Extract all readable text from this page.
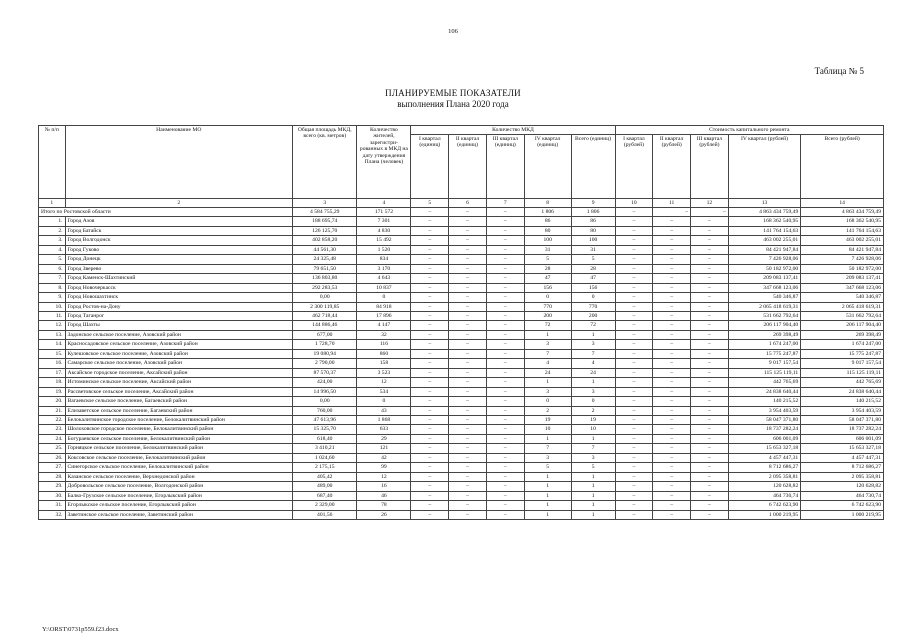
106
Таблица № 5
ПЛАНИРУЕМЫЕ ПОКАЗАТЕЛИ
выполнения Плана 2020 года
№ п/п	Наименование МО	Общая площадь МКД, всего (кв. метров)	Количество жителей, зарегистри-рованных в МКД на дату утверждения Плана (человек)	Количество МКД					Стоимость капитального ремонта				
				I квартал (единиц)	II квартал (единиц)	III квартал (единиц)	IV квартал (единиц)	Всего (единиц)	I квартал (рублей)	II квартал (рублей)	III квартал (рублей)	IV квартал (рублей)	Всего (рублей)
1	2	3	4	5	6	7	8	9	10	11	12	13	14
Итого по Ростовской области		4 584 755,29	171 572	–	–	–	1 806	1 806	–	–	–	4 863 434 759,49	4 863 434 759,49
1.	Город Азов	188 695,74	7 301	–	–	–	86	86	–	–	–	168 362 540,95	168 362 540,95
2.	Город Батайск	126 125,70	4 830	–	–	–	80	80	–	–	–	141 764 154,63	141 764 154,63
3.	Город Волгодонск	402 858,20	15 492	–	–	–	100	100	–	–	–	463 002 255,01	463 002 255,01
4.	Город Гуково	44 561,30	1 520	–	–	–	31	31	–	–	–	84 421 947,84	84 421 947,84
5.	Город Донецк	24 325,48	834	–	–	–	5	5	–	–	–	7 426 928,06	7 426 928,06
6.	Город Зверево	79 651,50	3 170	–	–	–	28	28	–	–	–	50 182 972,00	50 182 972,00
7.	Город Каменск-Шахтинский	136 803,80	4 643	–	–	–	47	47	–	–	–	209 083 137,41	209 083 137,41
8.	Город Новочеркасск	292 283,53	10 837	–	–	–	156	156	–	–	–	347 668 123,06	347 668 123,06
9.	Город Новошахтинск	0,00	0	–	–	–	0	0	–	–	–	540 346,87	540 346,87
10.	Город Ростов-на-Дону	2 300 119,85	84 918	–	–	–	770	770	–	–	–	2 065 418 619,31	2 065 418 619,31
11.	Город Таганрог	462 718,44	17 896	–	–	–	200	200	–	–	–	531 662 792,64	531 662 792,64
12.	Город Шахты	144 886,46	4 147	–	–	–	72	72	–	–	–	206 117 904,40	206 117 904,40
13.	Задонское сельское поселение, Азовский район	677,00	32	–	–	–	1	1	–	–	–	269 398,49	269 398,49
14.	Красносадовское сельское поселение, Азовский район	1 728,70	116	–	–	–	3	3	–	–	–	1 674 247,00	1 674 247,00
15.	Кулешовское сельское поселение, Азовский район	19 080,94	860	–	–	–	7	7	–	–	–	15 775 247,87	15 775 247,87
16.	Самарское сельское поселение, Азовский район	2 790,00	158	–	–	–	4	4	–	–	–	9 017 157,54	9 017 157,54
17.	Аксайское городское поселение, Аксайский район	87 570,37	3 523	–	–	–	24	24	–	–	–	115 125 119,11	115 125 119,11
18.	Истоминское сельское поселение, Аксайский район	424,00	12	–	–	–	1	1	–	–	–	442 765,69	442 765,69
19.	Рассветовское сельское поселение, Аксайский район	14 996,50	534	–	–	–	3	3	–	–	–	24 838 640,44	24 838 640,44
20.	Вагаевское сельское поселение, Багаевский район	0,00	0	–	–	–	0	0	–	–	–	140 215,52	140 215,52
21.	Елизаветское сельское поселение, Багаевский район	760,00	43	–	–	–	2	2	–	–	–	3 954 403,59	3 954 403,59
22.	Белокалитвинское городское поселение, Белокалитвинский район	47 613,96	1 868	–	–	–	19	19	–	–	–	58 047 371,80	58 047 371,80
23.	Шолоховское городское поселение, Белокалитвинский район	15 325,70	633	–	–	–	10	10	–	–	–	18 737 282,24	18 737 282,24
24.	Богураевское сельское поселение, Белокалитвинский район	618,40	29	–	–	–	1	1	–	–	–	606 001,09	606 001,09
25.	Горняцкое сельское поселение, Белокалитвинский район	3 410,21	121	–	–	–	7	7	–	–	–	15 653 327,18	15 653 327,18
26.	Коксовское сельское поселение, Белокалитвинский район	1 024,60	42	–	–	–	3	3	–	–	–	4 457 447,31	4 457 447,31
27.	Синегорское сельское поселение, Белокалитвинский район	2 175,15	99	–	–	–	5	5	–	–	–	8 712 686,27	8 712 686,27
28.	Казанское сельское поселение, Верхнедонской район	405,42	12	–	–	–	1	1	–	–	–	2 095 358,81	2 095 358,81
29.	Добровольское сельское поселение, Волгодонской район	489,00	16	–	–	–	1	1	–	–	–	120 628,82	120 628,82
30.	Балко-Грузское сельское поселение, Егорлыкский район	687,40	46	–	–	–	1	1	–	–	–	464 730,74	464 730,74
31.	Егорлыкское сельское поселение, Егорлыкский район	2 329,00	78	–	–	–	1	1	–	–	–	6 742 623,90	6 742 623,90
32.	Заветинское сельское поселение, Заветинский район	401,56	26	–	–	–	1	1	–	–	–	1 000 219,95	1 000 219,95
Y:\ORST\0731p559.f23.docx
